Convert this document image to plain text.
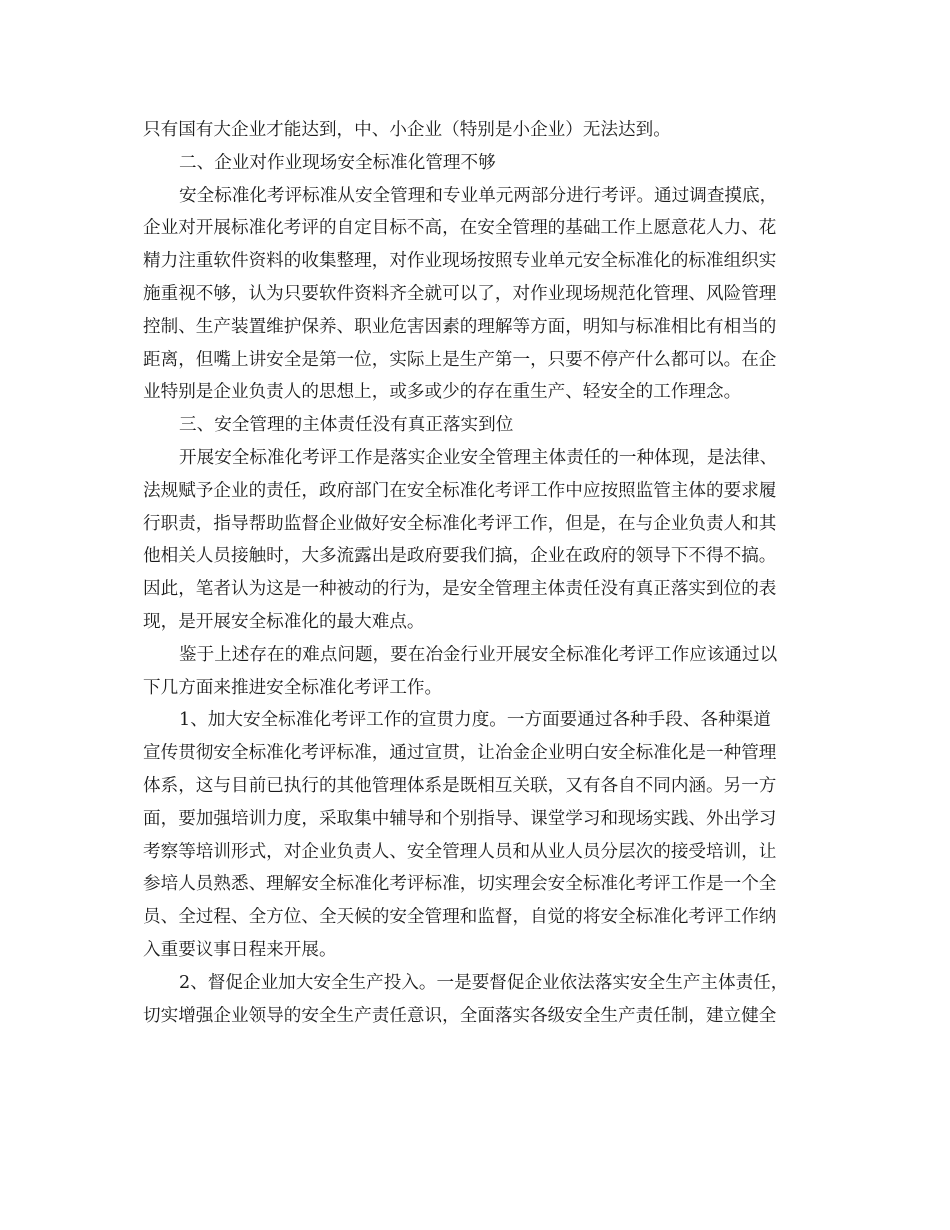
只有国有大企业才能达到，中、小企业（特别是小企业）无法达到。
二、企业对作业现场安全标准化管理不够
安全标准化考评标准从安全管理和专业单元两部分进行考评。通过调查摸底，
企业对开展标准化考评的自定目标不高，在安全管理的基础工作上愿意花人力、花
精力注重软件资料的收集整理，对作业现场按照专业单元安全标准化的标准组织实
施重视不够，认为只要软件资料齐全就可以了，对作业现场规范化管理、风险管理
控制、生产装置维护保养、职业危害因素的理解等方面，明知与标准相比有相当的
距离，但嘴上讲安全是第一位，实际上是生产第一，只要不停产什么都可以。在企
业特别是企业负责人的思想上，或多或少的存在重生产、轻安全的工作理念。
三、安全管理的主体责任没有真正落实到位
开展安全标准化考评工作是落实企业安全管理主体责任的一种体现，是法律、
法规赋予企业的责任，政府部门在安全标准化考评工作中应按照监管主体的要求履
行职责，指导帮助监督企业做好安全标准化考评工作，但是，在与企业负责人和其
他相关人员接触时，大多流露出是政府要我们搞，企业在政府的领导下不得不搞。
因此，笔者认为这是一种被动的行为，是安全管理主体责任没有真正落实到位的表
现，是开展安全标准化的最大难点。
鉴于上述存在的难点问题，要在冶金行业开展安全标准化考评工作应该通过以
下几方面来推进安全标准化考评工作。
1、加大安全标准化考评工作的宣贯力度。一方面要通过各种手段、各种渠道
宣传贯彻安全标准化考评标准，通过宣贯，让冶金企业明白安全标准化是一种管理
体系，这与目前已执行的其他管理体系是既相互关联，又有各自不同内涵。另一方
面，要加强培训力度，采取集中辅导和个别指导、课堂学习和现场实践、外出学习
考察等培训形式，对企业负责人、安全管理人员和从业人员分层次的接受培训，让
参培人员熟悉、理解安全标准化考评标准，切实理会安全标准化考评工作是一个全
员、全过程、全方位、全天候的安全管理和监督，自觉的将安全标准化考评工作纳
入重要议事日程来开展。
2、督促企业加大安全生产投入。一是要督促企业依法落实安全生产主体责任，
切实增强企业领导的安全生产责任意识，全面落实各级安全生产责任制，建立健全
